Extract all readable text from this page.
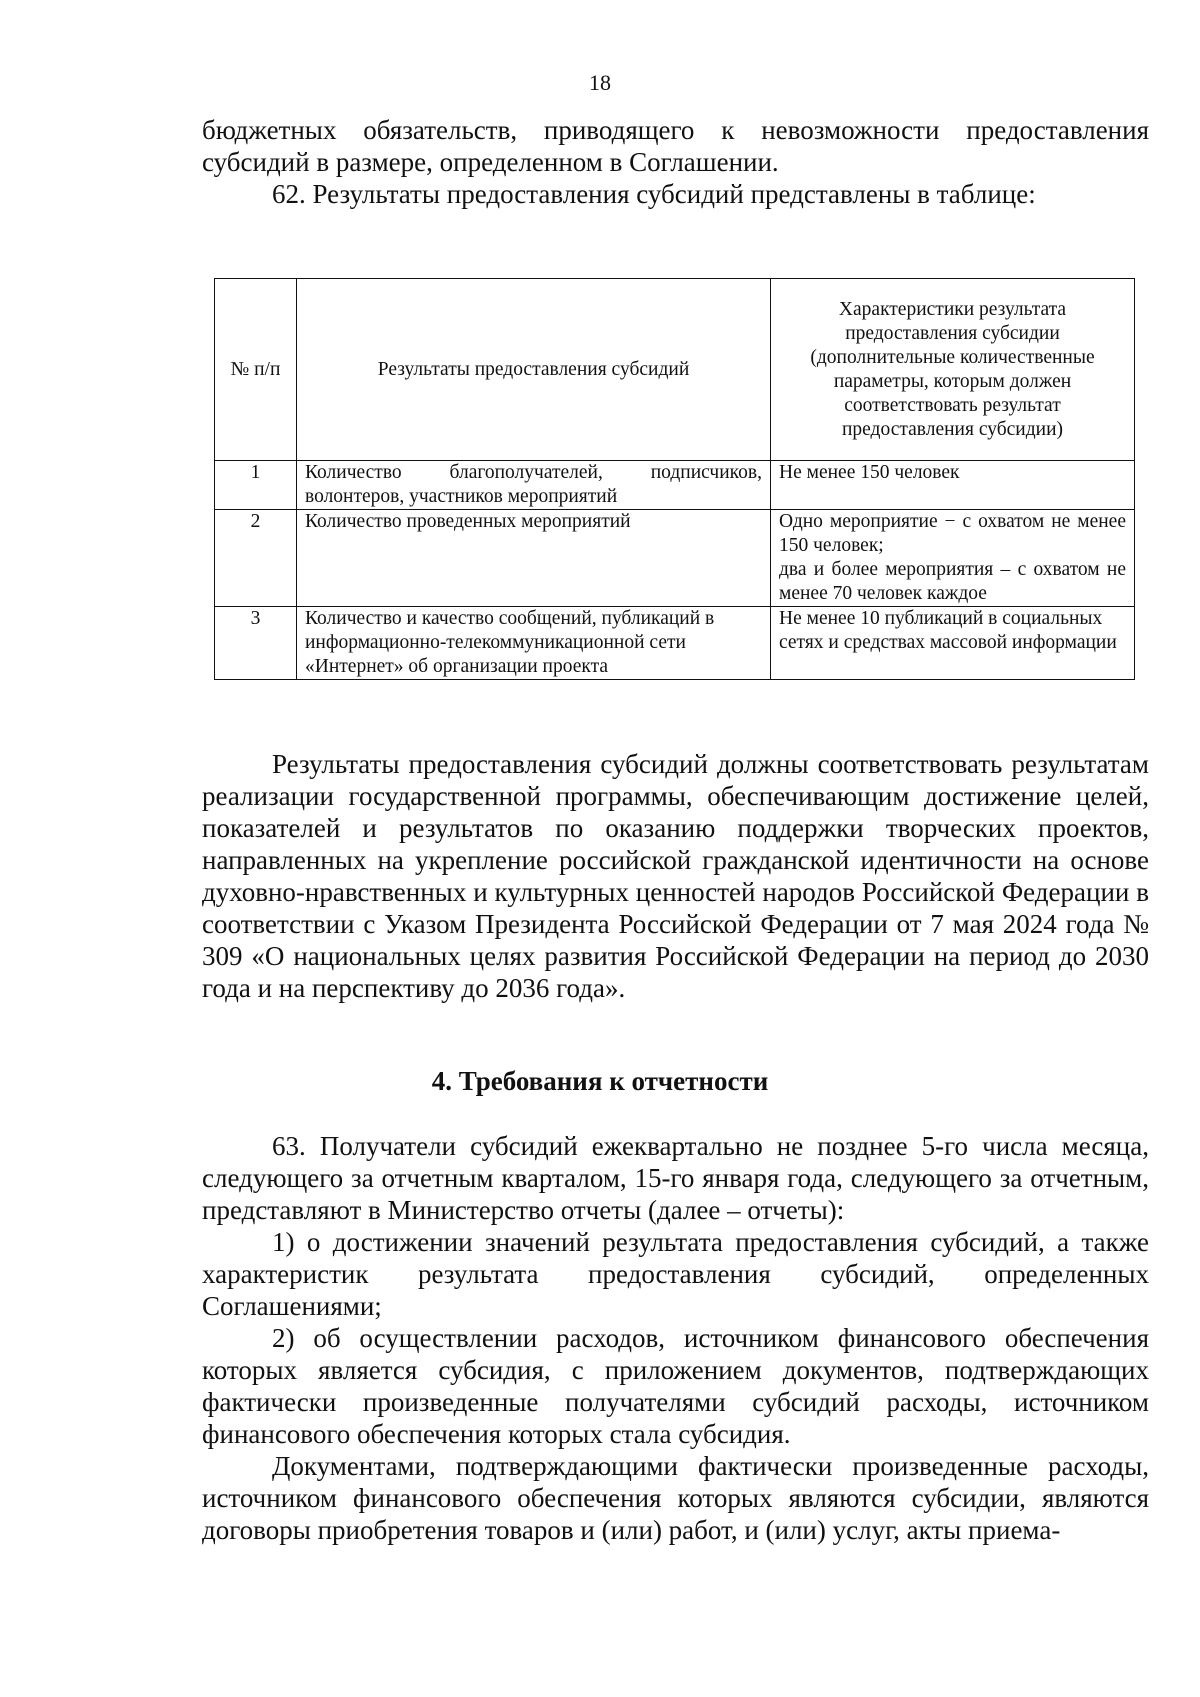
18

бюджетных обязательств, приводящего к невозможности предоставления субсидий в размере, определенном в Соглашении.

62. Результаты предоставления субсидий представлены в таблице:

№ п/п	Результаты предоставления субсидий	Характеристики результата предоставления субсидии (дополнительные количественные параметры, которым должен соответствовать результат предоставления субсидии)
1	Количество благополучателей, подписчиков, волонтеров, участников мероприятий	Не менее 150 человек
2	Количество проведенных мероприятий	Одно мероприятие − с охватом не менее 150 человек;
два и более мероприятия – с охватом не менее 70 человек каждое

3	Количество и качество сообщений, публикаций в информационно-телекоммуникационной сети «Интернет» об организации проекта	Не менее 10 публикаций в социальных сетях и средствах массовой информации

Результаты предоставления субсидий должны соответствовать результатам реализации государственной программы, обеспечивающим достижение целей, показателей и результатов по оказанию поддержки творческих проектов, направленных на укрепление российской гражданской идентичности на основе духовно-нравственных и культурных ценностей народов Российской Федерации в соответствии с Указом Президента Российской Федерации от 7 мая 2024 года № 309 «О национальных целях развития Российской Федерации на период до 2030 года и на перспективу до 2036 года».

4. Требования к отчетности

63. Получатели субсидий ежеквартально не позднее 5-го числа месяца, следующего за отчетным кварталом, 15-го января года, следующего за отчетным, представляют в Министерство отчеты (далее – отчеты):

1) о достижении значений результата предоставления субсидий, а также характеристик результата предоставления субсидий, определенных Соглашениями;

2) об осуществлении расходов, источником финансового обеспечения которых является субсидия, с приложением документов, подтверждающих фактически произведенные получателями субсидий расходы, источником финансового обеспечения которых стала субсидия.

Документами, подтверждающими фактически произведенные расходы, источником финансового обеспечения которых являются субсидии, являются договоры приобретения товаров и (или) работ, и (или) услуг, акты приема-
